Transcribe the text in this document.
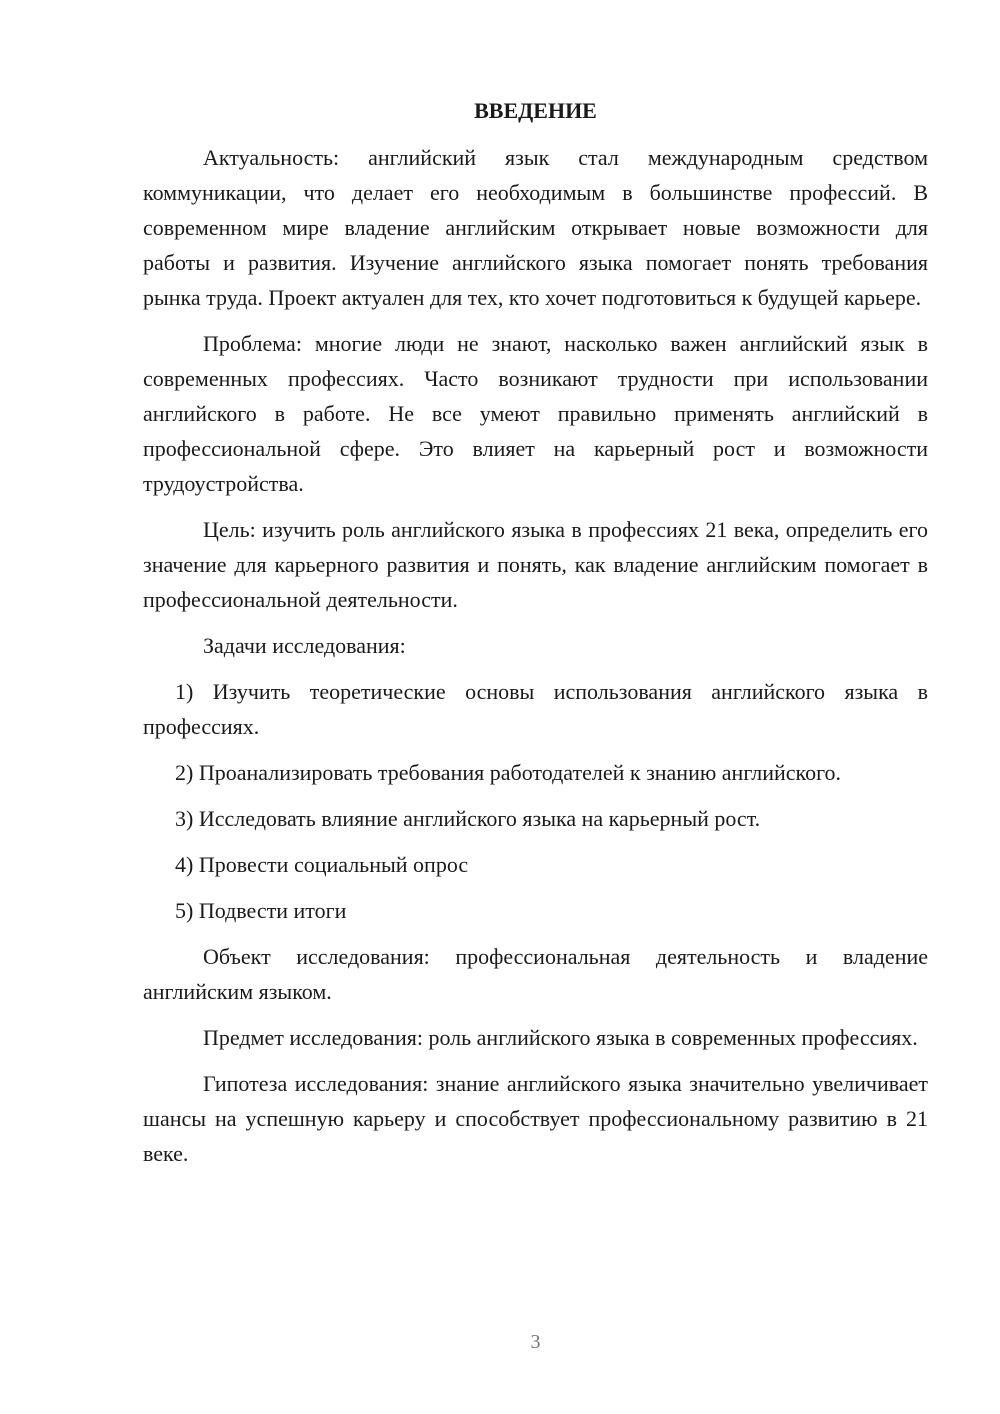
ВВЕДЕНИЕ

Актуальность: английский язык стал международным средством коммуникации, что делает его необходимым в большинстве профессий. В современном мире владение английским открывает новые возможности для работы и развития. Изучение английского языка помогает понять требования рынка труда. Проект актуален для тех, кто хочет подготовиться к будущей карьере.

Проблема: многие люди не знают, насколько важен английский язык в современных профессиях. Часто возникают трудности при использовании английского в работе. Не все умеют правильно применять английский в профессиональной сфере. Это влияет на карьерный рост и возможности трудоустройства.

Цель: изучить роль английского языка в профессиях 21 века, определить его значение для карьерного развития и понять, как владение английским помогает в профессиональной деятельности.

Задачи исследования:

1) Изучить теоретические основы использования английского языка в профессиях.

2) Проанализировать требования работодателей к знанию английского.

3) Исследовать влияние английского языка на карьерный рост.

4) Провести социальный опрос

5) Подвести итоги

Объект исследования: профессиональная деятельность и владение английским языком.

Предмет исследования: роль английского языка в современных профессиях.

Гипотеза исследования: знание английского языка значительно увеличивает шансы на успешную карьеру и способствует профессиональному развитию в 21 веке.

3
